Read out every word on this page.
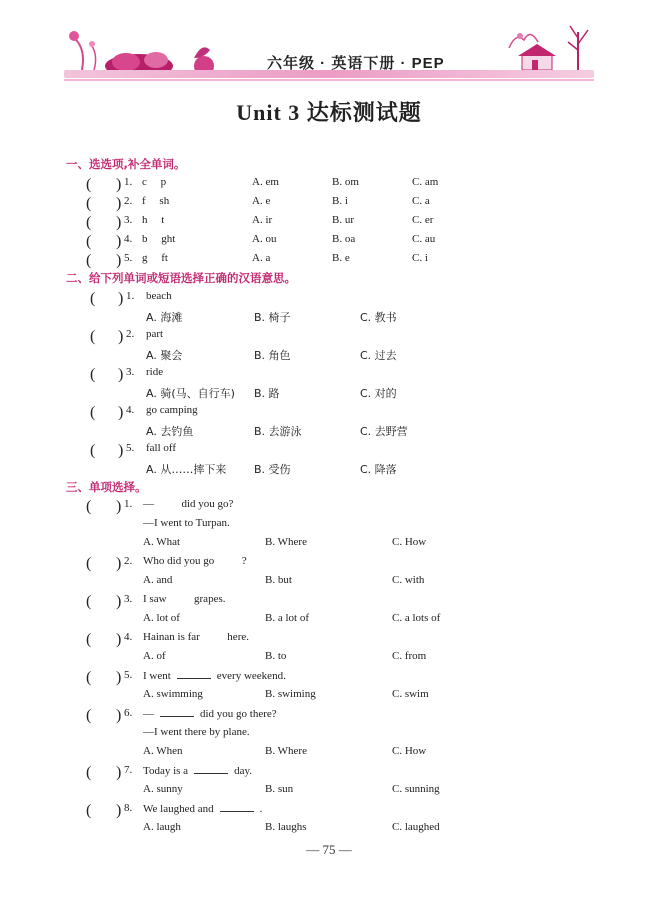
六年级 · 英语下册 · PEP
Unit 3 达标测试题
一、选选项,补全单词。
( ) 1. c     p	A. em	B. om	C. am
( ) 2. f     sh	A. e	B. i	C. a
( ) 3. h     t	A. ir	B. ur	C. er
( ) 4. b     ght	A. ou	B. oa	C. au
( ) 5. g     ft	A. a	B. e	C. i
二、给下列单词或短语选择正确的汉语意思。
( ) 1. beach
A. 海滩	B. 椅子	C. 教书
( ) 2. part
A. 聚会	B. 角色	C. 过去
( ) 3. ride
A. 骑(马、自行车) B. 路	C. 对的
( ) 4. go camping
A. 去钓鱼	B. 去游泳	C. 去野营
( ) 5. fall off
A. 从……摔下来	B. 受伤	C. 降落
三、单项选择。
( ) 1. —          did you go?
—I went to Turpan.
A. What	B. Where	C. How
( ) 2. Who did you go          ?
A. and	B. but	C. with
( ) 3. I saw          grapes.
A. lot of	B. a lot of	C. a lots of
( ) 4. Hainan is far          here.
A. of	B. to	C. from
( ) 5. I went	every weekend.
A. swimming	B. swiming	C. swim
( ) 6. —	did you go there?
—I went there by plane.
A. When	B. Where	C. How
( ) 7. Today is a	day.
A. sunny	B. sun	C. sunning
( ) 8. We laughed and	.
A. laugh	B. laughs	C. laughed
— 75 —
